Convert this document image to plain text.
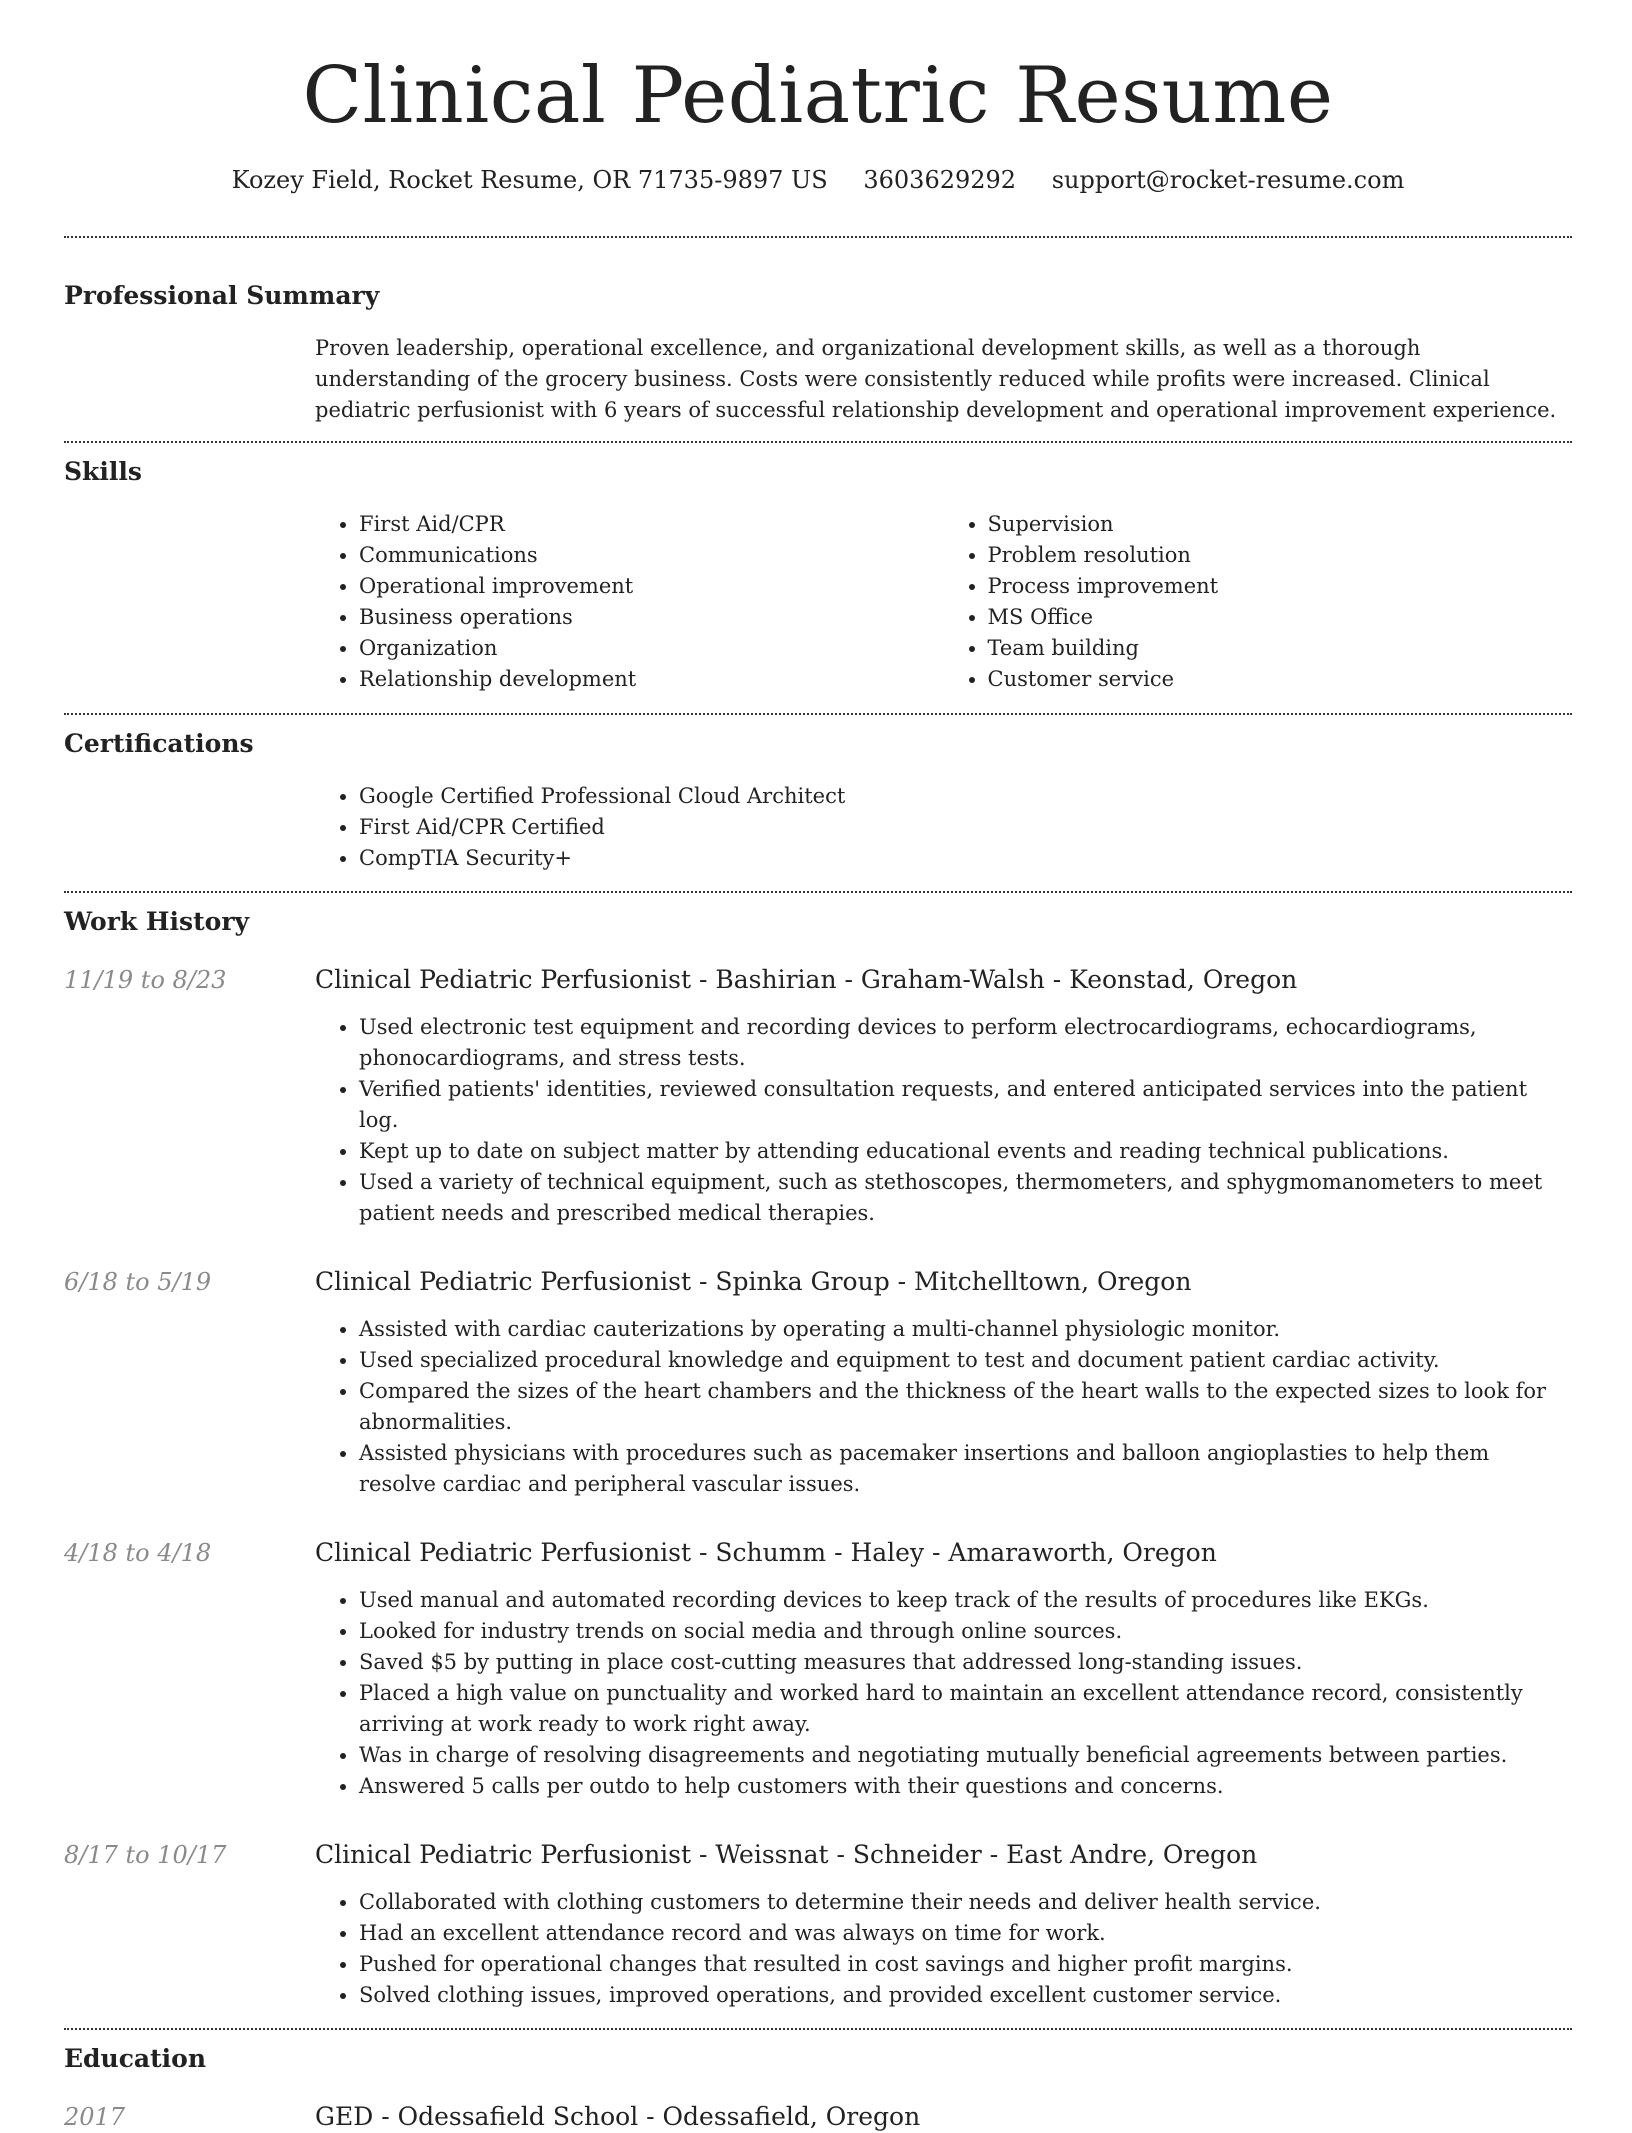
Clinical Pediatric Resume
Kozey Field, Rocket Resume, OR 71735-9897 US 3603629292 support@rocket-resume.com
Professional Summary

Proven leadership, operational excellence, and organizational development skills, as well as a thorough understanding of the grocery business. Costs were consistently reduced while profits were increased. Clinical pediatric perfusionist with 6 years of successful relationship development and operational improvement experience.

Skills
• First Aid/CPR
• Communications
• Operational improvement
• Business operations
• Organization
• Relationship development
• Supervision
• Problem resolution
• Process improvement
• MS Office
• Team building
• Customer service
Certifications
• Google Certified Professional Cloud Architect
• First Aid/CPR Certified
• CompTIA Security+
Work History
11/19 to 8/23	Clinical Pediatric Perfusionist - Bashirian - Graham-Walsh - Keonstad, Oregon
• Used electronic test equipment and recording devices to perform electrocardiograms, echocardiograms, phonocardiograms, and stress tests.
• Verified patients' identities, reviewed consultation requests, and entered anticipated services into the patient log.
• Kept up to date on subject matter by attending educational events and reading technical publications.
• Used a variety of technical equipment, such as stethoscopes, thermometers, and sphygmomanometers to meet patient needs and prescribed medical therapies.
6/18 to 5/19	Clinical Pediatric Perfusionist - Spinka Group - Mitchelltown, Oregon
• Assisted with cardiac cauterizations by operating a multi-channel physiologic monitor.
• Used specialized procedural knowledge and equipment to test and document patient cardiac activity.
• Compared the sizes of the heart chambers and the thickness of the heart walls to the expected sizes to look for abnormalities.
• Assisted physicians with procedures such as pacemaker insertions and balloon angioplasties to help them resolve cardiac and peripheral vascular issues.
4/18 to 4/18	Clinical Pediatric Perfusionist - Schumm - Haley - Amaraworth, Oregon
• Used manual and automated recording devices to keep track of the results of procedures like EKGs.
• Looked for industry trends on social media and through online sources.
• Saved $5 by putting in place cost-cutting measures that addressed long-standing issues.
• Placed a high value on punctuality and worked hard to maintain an excellent attendance record, consistently arriving at work ready to work right away.
• Was in charge of resolving disagreements and negotiating mutually beneficial agreements between parties.
• Answered 5 calls per outdo to help customers with their questions and concerns.
8/17 to 10/17	Clinical Pediatric Perfusionist - Weissnat - Schneider - East Andre, Oregon
• Collaborated with clothing customers to determine their needs and deliver health service.
• Had an excellent attendance record and was always on time for work.
• Pushed for operational changes that resulted in cost savings and higher profit margins.
• Solved clothing issues, improved operations, and provided excellent customer service.
Education
2017	GED - Odessafield School - Odessafield, Oregon
